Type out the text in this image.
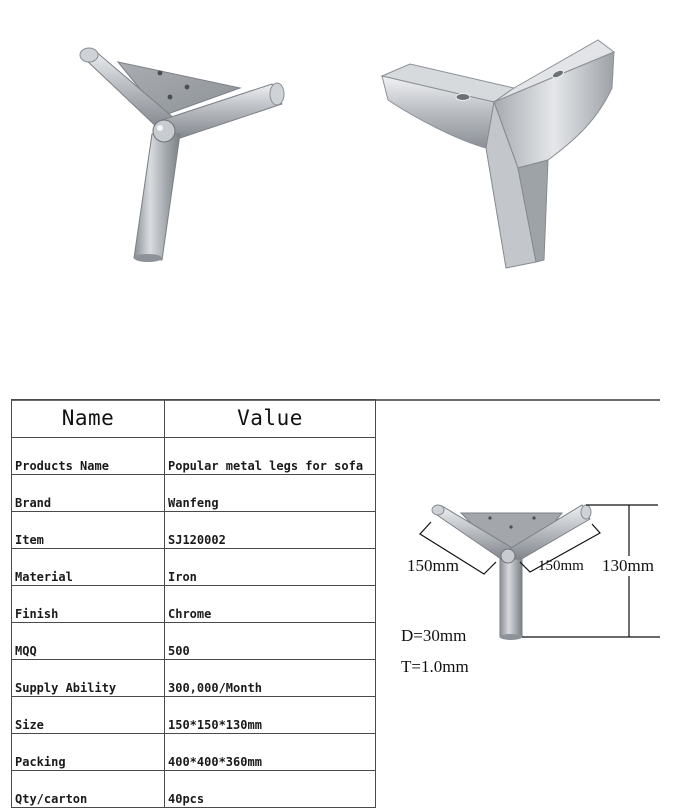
Name	Value
Products Name	Popular metal legs for sofa
Brand	Wanfeng
Item	SJ120002
Material	Iron
Finish	Chrome
MQQ	500
Supply Ability	300,000/Month
Size	150*150*130mm
Packing	400*400*360mm
Qty/carton	40pcs
150mm	150mm 130mm
D=30mm
T=1.0mm
